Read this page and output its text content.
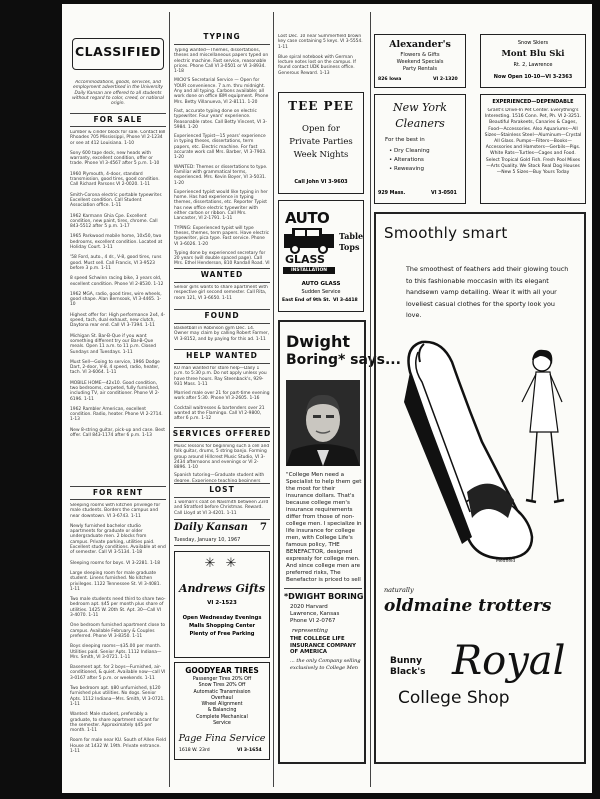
CLASSIFIED
Accommodations, goods, services, and employment advertised in the University Daily Kansan are offered to all students without regard to color, creed, or national origin.
FOR SALE
Lumber & cinder block for sale. Contact Bill Rhoades 705 Mississippi, Phone VI 2-1234 or see at 412 Louisiana. 1-10
Sony 600 tape deck, new heads with warranty, excellent condition, offer or trade. Phone VI 3-4567 after 5 p.m. 1-10
1960 Plymouth, 4-door, standard transmission, good tires, good condition. Call Richard Parsons VI 2-0020. 1-11
Smith-Corona electric portable typewriter. Excellent condition. Call Student Association office. 1-11
1962 Karmann Ghia Cpe. Excellent condition, new paint, tires, chrome. Call 843-5512 after 5 p.m. 1-17
1965 Parkwood mobile home, 10x50, two bedrooms, excellent condition. Located at Holiday Court. 1-11
'58 Ford, auto., 4 dr., V-8, good tires, runs good. Must sell. Call Francis, VI 3-9523 before 3 p.m. 1-11
8 speed Schwinn racing bike, 3 years old, excellent condition. Phone VI 2-8530. 1-12
1962 MGA, radio, good tires, wire wheels, good shape. Alan Bernsook, VI 3-4465. 1-10
Highest offer for: High performance 2x4, 4-speed, tach, dual exhaust, new clutch, Daytona rear end. Call VI 3-7394. 1-11
Michigan St. Bar-B-Que if you want something different try our Bar-B-Que meals. Open 11 a.m. to 11 p.m. Closed Sundays and Tuesdays. 1-11
Must Sell—Going to service, 1966 Dodge Dart, 2-door, V-8, 4 speed, radio, heater, tach. VI 3-6064. 1-11
MOBILE HOME—42x10. Good condition, two bedrooms, carpeted, fully furnished, including TV, air conditioner. Phone VI 2-6196. 1-11
1962 Rambler American, excellent condition. Radio, heater. Phone VI 2-2714. 1-13
New 8-string guitar, pick-up and case. Best offer. Call 843-1174 after 6 p.m. 1-13
FOR RENT
Sleeping rooms with kitchen privilege for male students. Borders the campus and near downtown. VI 3-6743. 1-11
Newly furnished bachelor studio apartments for graduate or older undergraduate men. 2 blocks from campus. Private parking, utilities paid. Excellent study conditions. Available at end of semester. Call VI 3-5134. 1-18
Sleeping rooms for boys. VI 3-2281. 1-18
Large sleeping room for male graduate student. Linens furnished. No kitchen privileges. 1122 Tennessee St. VI 3-4081. 1-11
Two male students need third to share two-bedroom apt. $45 per month plus share of utilities. 1425 W. 20th St. Apt. 30—Call VI 3-4070. 1-11
One bedroom furnished apartment close to campus. Available February & Couples preferred. Phone VI 3-8350. 1-11
Boys sleeping rooms—$35.00 per month. Utilities paid. Senior Apts. 1112 Indiana—Mrs. Smith, VI 3-0721. 1-11
Basement apt. for 2 boys—Furnished, air-conditioned, & quiet. Available now—call VI 3-0167 after 5 p.m. or weekends. 1-11
Two bedroom apt. $80 unfurnished, $120 furnished plus utilities. No dogs. Senior Apts. 1112 Indiana—Mrs. Smith, VI 3-0721. 1-11
Wanted: Male student, preferably a graduate, to share apartment vacant for the semester. Approximately $45 per month. 1-11
Room for male near KU. South of Allen Field House at 1432 W. 19th. Private entrance. 1-11
TYPING
Typing wanted—Themes, dissertations, theses and miscellaneous papers typed on electric machine. Fast service, reasonable prices. Phone Call VI 3-0501 or VI 3-8934. 1-18
MICKI'S Secretarial Service — Open for YOUR convenience. 7 a.m. thru midnight. Any and all typing. Carbons available; all work done on office IBM equipment. Phone Mrs. Betty Villanueva, VI 2-8111. 1-20
Fast, accurate typing done on electric typewriter. Four years' experience. Reasonable rates. Call Betty Vincent, VI 3-5984. 1-20
Experienced Typist—15 years' experience in typing theses, dissertations, term papers, etc. Electric machine. For fast accurate work call Mrs. Barber, VI 3-7903. 1-20
WANTED: Themes or dissertations to type. Familiar with grammatical terms, experienced. Mrs. Kevin Boyer, VI 3-5031. 1-20
Experienced typist would like typing in her home. Has had experience in typing themes, dissertations, etc. Reporter Typist has new office electric typewriter with either carbon or ribbon. Call Mrs. Lancaster, VI 2-1791. 1-11
TYPING: Experienced typist will type theses, themes, term papers. Have electric typewriter, pica type. Fast service. Phone VI 3-6026. 1-20
Typing done by experienced secretary for 20 years (will double spaced page). Call Mrs. Ethel Henderson, 810 Randall Road. VI
WANTED
Senior girls wants to share apartment with respective girl second semester. Call Rita, room 121, VI 3-6650. 1-11
FOUND
Basketball in Robinson gym Dec. 14. Owner may claim by calling Robert Farmer, VI 3-8152, and by paying for this ad. 1-11
HELP WANTED
KU man wanted for store help—Daily 1 p.m. to 5:30 p.m. Do not apply unless you have three hours. Ray Steenback's, 929-931 Mass. 1-11
Married male over 21 for part-time evening work after 5:30. Phone VI 3-2605. 1-16
Cocktail waitresses & bartenders over 21 wanted at the Flamingo. Call VI 2-9800, after 6 p.m. 1-12
SERVICES OFFERED
Music lessons for beginning such a cell and folk guitar, drums, 5 string banjo. Forming group around Hillcrest Music Studio, VI 3-2434 afternoons and evenings or VI 2-8896. 1-10
Spanish tutoring—Graduate student with degree. Experience teaching beginners
LOST
1 woman's coat on Naismith between 23rd and Stratford before Christmas. Reward. Call Lloyd at VI 3-4201. 1-11
Daily Kansan	7
Tuesday, January 10, 1967
✳ ✳
Andrews Gifts
VI 2-1523
Open Wednesday Evenings
Malls Shopping Center
Plenty of Free Parking
GOODYEAR TIRES
Passenger Tires 20% Off
Snow Tires 20% Off
Automatic Transmission
Overhaul
Wheel Alignment
& Balancing
Complete Mechanical
Service
Page Fina Service
1618 W. 23rd	VI 3-1654
Lost Dec. 10 near Summerfield brown key case containing 5 keys. VI 3-5554. 1-11
Blue spiral notebook with German lecture notes lost on the campus. If found contact UDK business office. Generous Reward. 1-13
TEE PEE
Open for
Private Parties
Week Nights
Call John VI 3-9603
AUTO
GLASS
INSTALLATION
Table
Tops
AUTO GLASS
Sudden Service
East End of 9th St. VI 3-4418
Dwight
Boring* says...
"College Men need a Specialist to help them get the most for their insurance dollars. That's because college men's insurance requirements differ from those of non-college men. I specialize in life insurance for college men, with College Life's famous policy, THE BENEFACTOR, designed expressly for college men. And since college men are preferred risks, The Benefactor is priced to sell
*DWIGHT BORING
2020 Harvard
Lawrence, Kansas
Phone VI 2-0767
representing
THE COLLEGE LIFE
INSURANCE COMPANY
OF AMERICA
... the only Company selling exclusively to College Men
Alexander's
Flowers & Gifts
Weekend Specials
Party Rentals
826 Iowa	VI 2-1320
Snow Skiers
Mont Blu Ski
Rt. 2, Lawrence
Now Open 10-10—VI 3-2363
New York
Cleaners
For the best in
• Dry Cleaning
• Alterations
• Reweaving
929 Mass.	VI 3-0501
EXPERIENCED—DEPENDABLE
Grant's Drive-In Pet Center. Everything's Interesting. 1516 Conn. Pet, Ph. VI 2-3251. Beautiful Parakeets, Canaries & Cages, Food—Accessories. Also Aquariums—All Sizes—Stainless Steel—Aluminum—Crystal All Glass. Pumps—Filters—Books—Accessories and Hamsters—Gerbils—Pigs. White Rats—Turtles—Cages and Food. Select Tropical Gold Fish. Fresh Pool Mixes—Arts Quality. We Stock Real Dog Houses—New 5 Sizes—Buy Yours Today
Smoothly smart
The smoothest of feathers add their glowing touch to this fashionable moccasin with its elegant handsewn vamp detailing. Wear it with all your loveliest casual clothes for the sporty look you love.
Medfield
naturally
oldmaine trotters
Bunny
Black's Royal
College Shop
